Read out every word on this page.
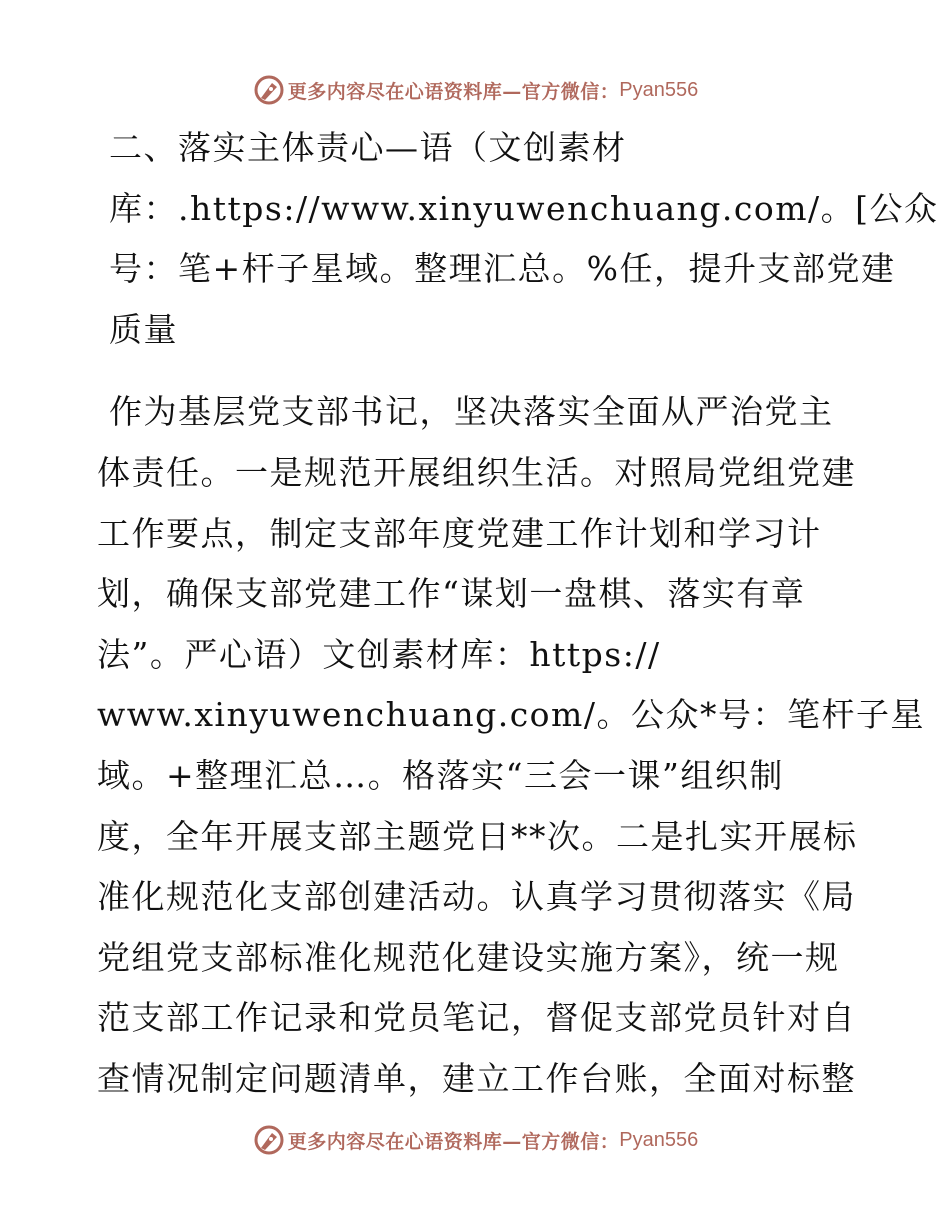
更多内容尽在心语资料库—官方微信： Pyan556
二、落实主体责心—语（文创素材
库：.https://www.xinyuwenchuang.com/。[公众
号：笔+杆子星域。整理汇总。%任，提升支部党建
质量
作为基层党支部书记，坚决落实全面从严治党主
体责任。一是规范开展组织生活。对照局党组党建
工作要点，制定支部年度党建工作计划和学习计
划，确保支部党建工作“谋划一盘棋、落实有章
法”。严心语）文创素材库：https://
www.xinyuwenchuang.com/。公众*号：笔杆子星
域。+整理汇总…。格落实“三会一课”组织制
度，全年开展支部主题党日**次。二是扎实开展标
准化规范化支部创建活动。认真学习贯彻落实《局
党组党支部标准化规范化建设实施方案》，统一规
范支部工作记录和党员笔记，督促支部党员针对自
查情况制定问题清单，建立工作台账，全面对标整
更多内容尽在心语资料库—官方微信： Pyan556
